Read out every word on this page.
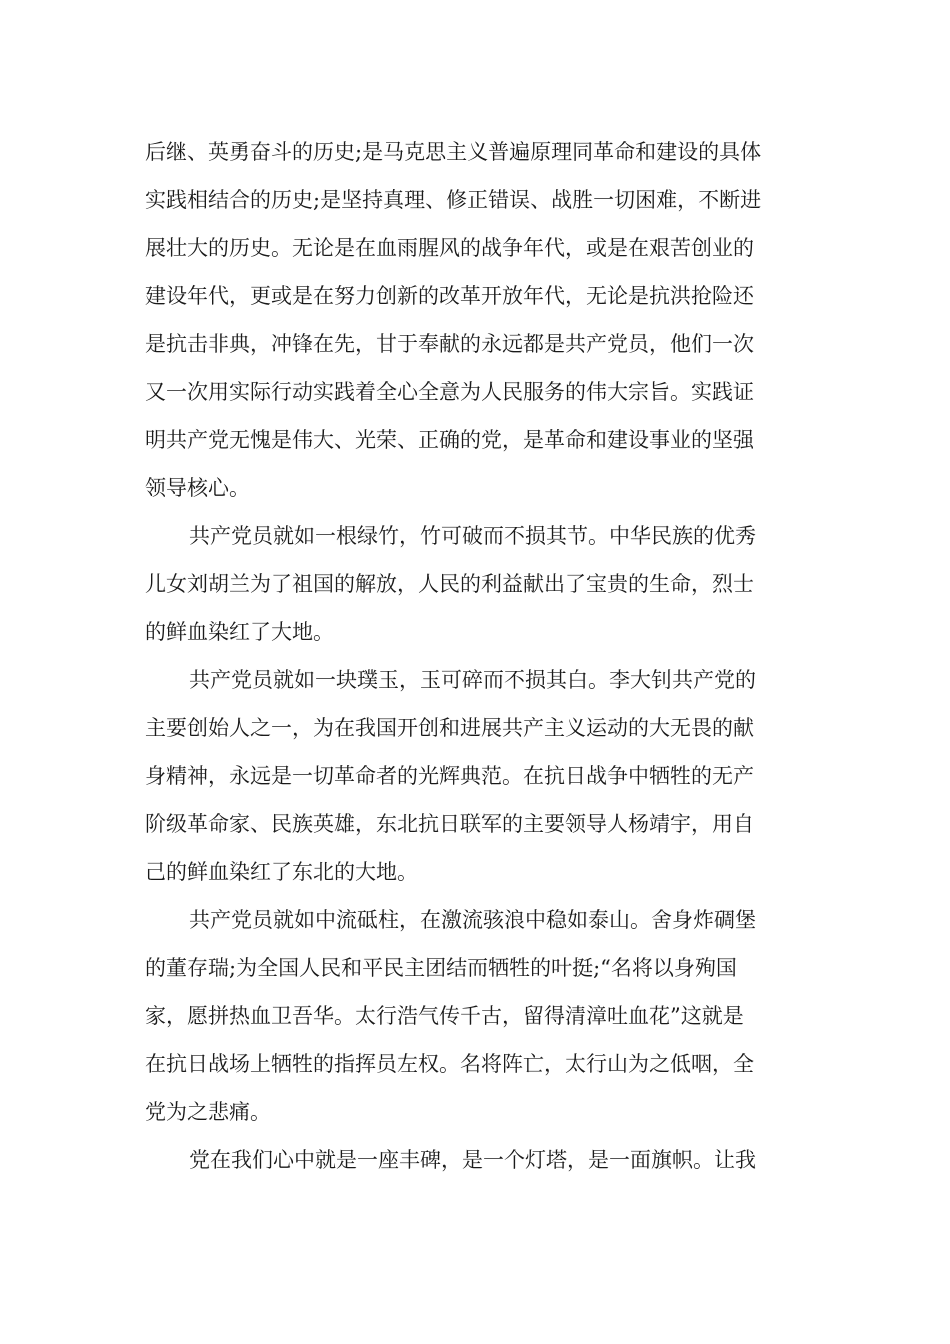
后继、英勇奋斗的历史;是马克思主义普遍原理同革命和建设的具体
实践相结合的历史;是坚持真理、修正错误、战胜一切困难，不断进
展壮大的历史。无论是在血雨腥风的战争年代，或是在艰苦创业的
建设年代，更或是在努力创新的改革开放年代，无论是抗洪抢险还
是抗击非典，冲锋在先，甘于奉献的永远都是共产党员，他们一次
又一次用实际行动实践着全心全意为人民服务的伟大宗旨。实践证
明共产党无愧是伟大、光荣、正确的党，是革命和建设事业的坚强
领导核心。
共产党员就如一根绿竹，竹可破而不损其节。中华民族的优秀
儿女刘胡兰为了祖国的解放，人民的利益献出了宝贵的生命，烈士
的鲜血染红了大地。
共产党员就如一块璞玉，玉可碎而不损其白。李大钊共产党的
主要创始人之一，为在我国开创和进展共产主义运动的大无畏的献
身精神，永远是一切革命者的光辉典范。在抗日战争中牺牲的无产
阶级革命家、民族英雄，东北抗日联军的主要领导人杨靖宇，用自
己的鲜血染红了东北的大地。
共产党员就如中流砥柱，在激流骇浪中稳如泰山。舍身炸碉堡
的董存瑞;为全国人民和平民主团结而牺牲的叶挺;“名将以身殉国
家，愿拼热血卫吾华。太行浩气传千古，留得清漳吐血花”这就是
在抗日战场上牺牲的指挥员左权。名将阵亡，太行山为之低咽，全
党为之悲痛。
党在我们心中就是一座丰碑，是一个灯塔，是一面旗帜。让我
